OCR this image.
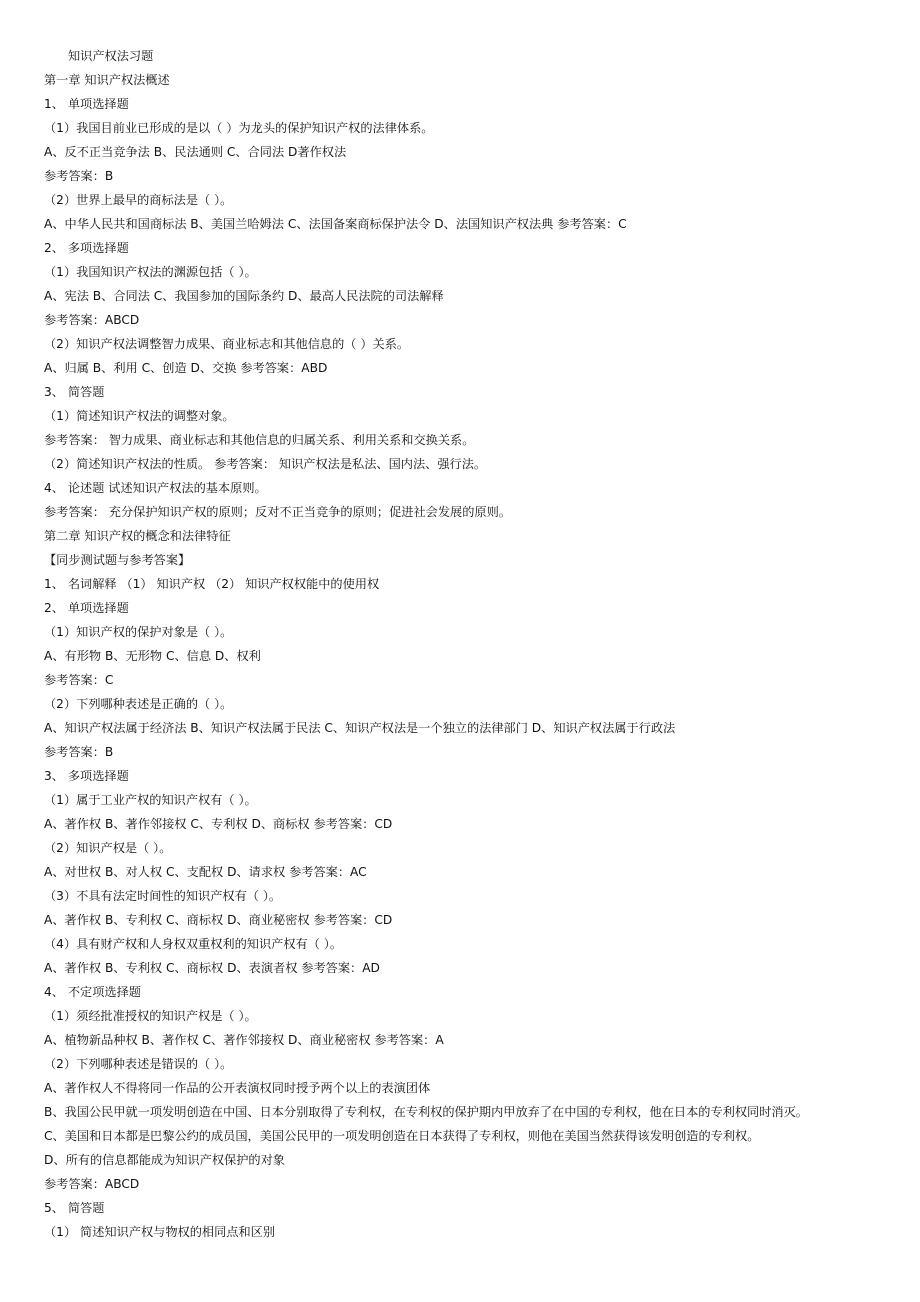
知识产权法习题
第一章 知识产权法概述
1、 单项选择题
（1）我国目前业已形成的是以（ ）为龙头的保护知识产权的法律体系。
A、反不正当竞争法 B、民法通则 C、合同法 D著作权法
参考答案：B
（2）世界上最早的商标法是（ ）。
A、中华人民共和国商标法 B、美国兰哈姆法 C、法国备案商标保护法令 D、法国知识产权法典 参考答案：C
2、 多项选择题
（1）我国知识产权法的渊源包括（ ）。
A、宪法 B、合同法 C、我国参加的国际条约 D、最高人民法院的司法解释
参考答案：ABCD
（2）知识产权法调整智力成果、商业标志和其他信息的（ ）关系。
A、归属 B、利用 C、创造 D、交换 参考答案：ABD
3、 简答题
（1）简述知识产权法的调整对象。
参考答案： 智力成果、商业标志和其他信息的归属关系、利用关系和交换关系。
（2）简述知识产权法的性质。 参考答案： 知识产权法是私法、国内法、强行法。
4、 论述题 试述知识产权法的基本原则。
参考答案： 充分保护知识产权的原则；反对不正当竞争的原则；促进社会发展的原则。
第二章 知识产权的概念和法律特征
【同步测试题与参考答案】
1、 名词解释 （1） 知识产权 （2） 知识产权权能中的使用权
2、 单项选择题
（1）知识产权的保护对象是（ ）。
A、有形物 B、无形物 C、信息 D、权利
参考答案：C
（2）下列哪种表述是正确的（ ）。
A、知识产权法属于经济法 B、知识产权法属于民法 C、知识产权法是一个独立的法律部门 D、知识产权法属于行政法
参考答案：B
3、 多项选择题
（1）属于工业产权的知识产权有（ ）。
A、著作权 B、著作邻接权 C、专利权 D、商标权 参考答案：CD
（2）知识产权是（ ）。
A、对世权 B、对人权 C、支配权 D、请求权 参考答案：AC
（3）不具有法定时间性的知识产权有（ ）。
A、著作权 B、专利权 C、商标权 D、商业秘密权 参考答案：CD
（4）具有财产权和人身权双重权利的知识产权有（ ）。
A、著作权 B、专利权 C、商标权 D、表演者权 参考答案：AD
4、 不定项选择题
（1）须经批准授权的知识产权是（ ）。
A、植物新品种权 B、著作权 C、著作邻接权 D、商业秘密权 参考答案：A
（2）下列哪种表述是错误的（ ）。
A、著作权人不得将同一作品的公开表演权同时授予两个以上的表演团体
B、我国公民甲就一项发明创造在中国、日本分别取得了专利权，在专利权的保护期内甲放弃了在中国的专利权，他在日本的专利权同时消灭。
C、美国和日本都是巴黎公约的成员国，美国公民甲的一项发明创造在日本获得了专利权，则他在美国当然获得该发明创造的专利权。
D、所有的信息都能成为知识产权保护的对象
参考答案：ABCD
5、 简答题
（1） 简述知识产权与物权的相同点和区别
